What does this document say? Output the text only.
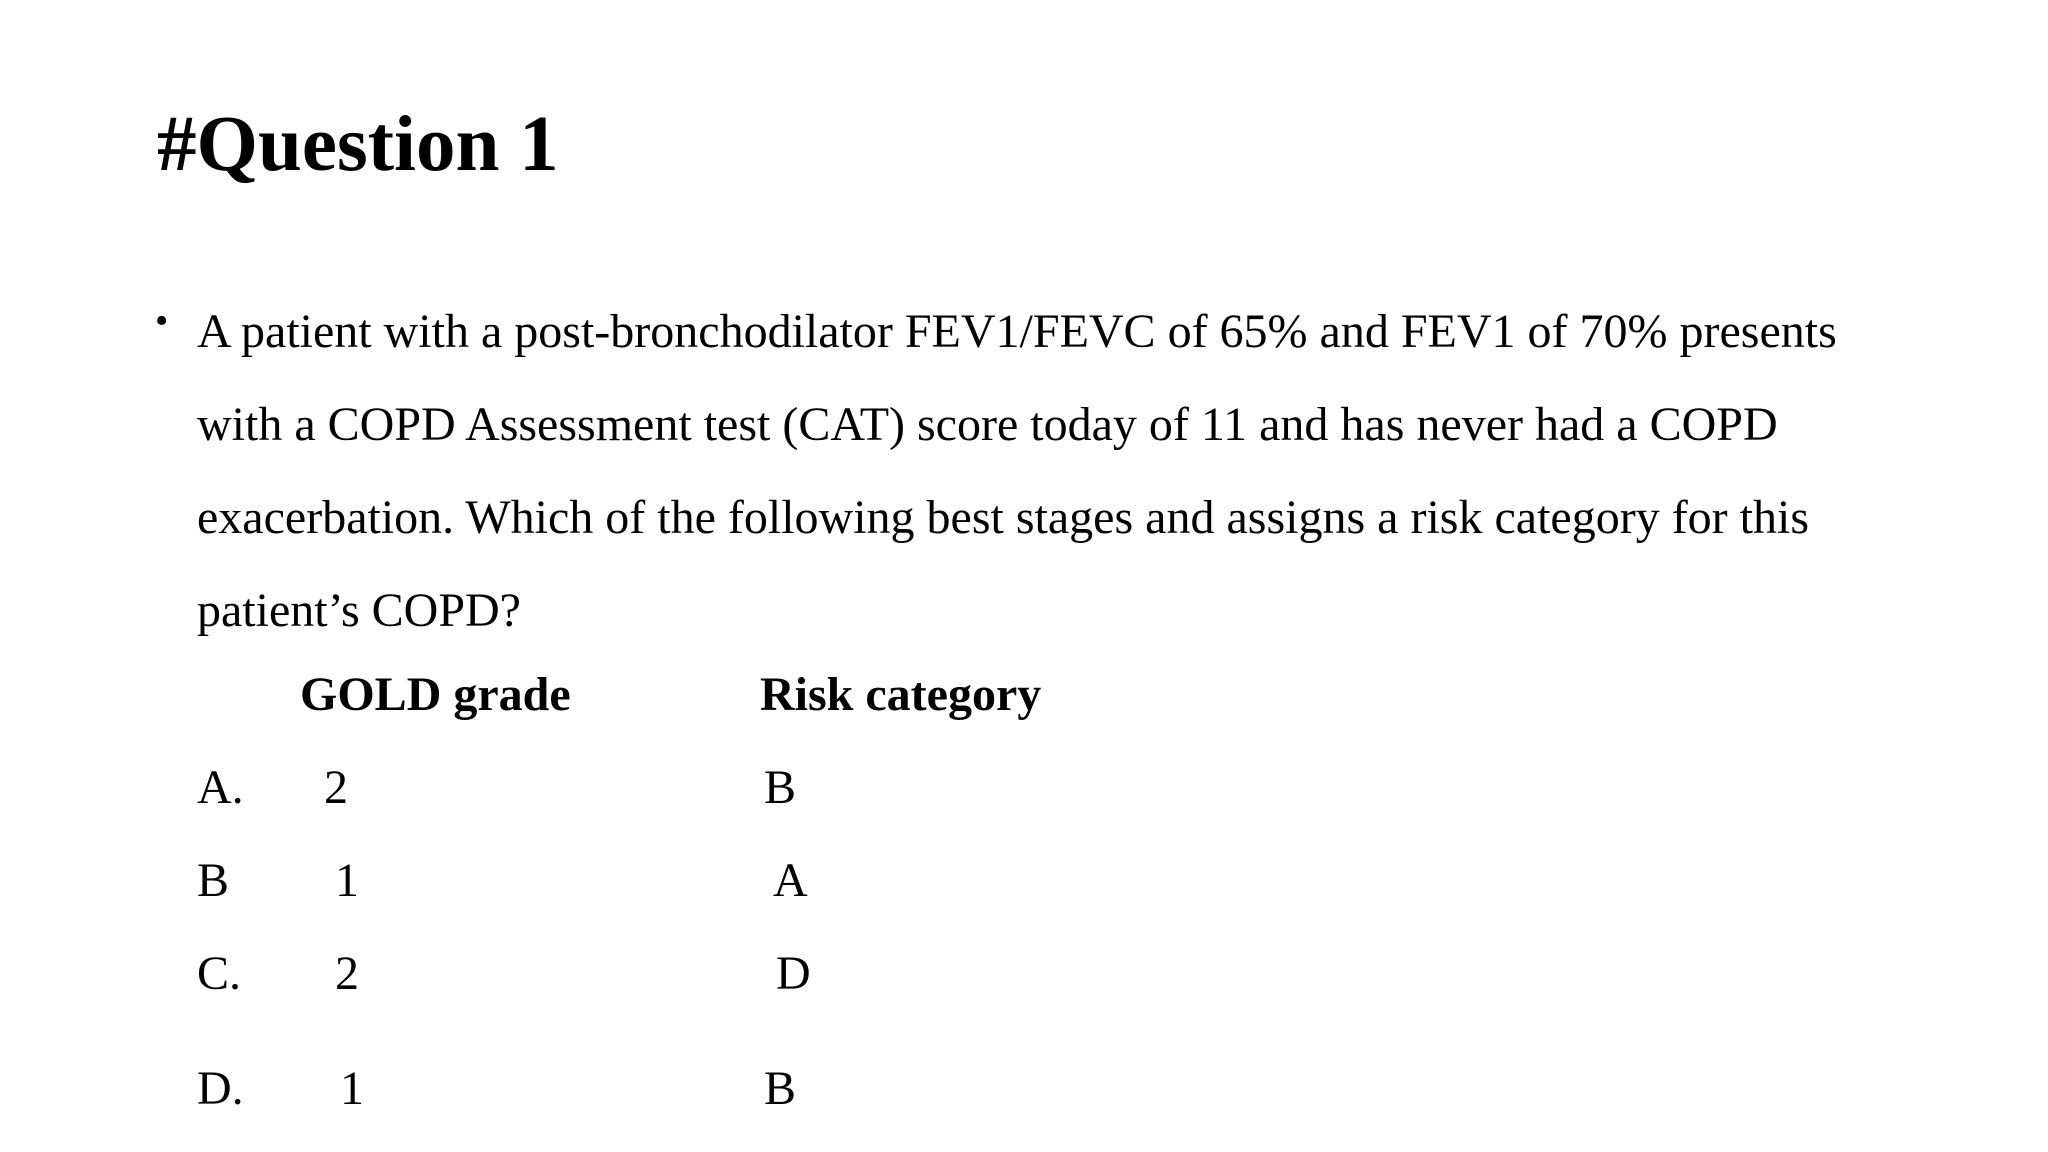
#Question 1
• A patient with a post-bronchodilator FEV1/FEVC of 65% and FEV1 of 70% presents with a COPD Assessment test (CAT) score today of 11 and has never had a COPD exacerbation. Which of the following best stages and assigns a risk category for this patient’s COPD?

GOLD grade	Risk category
A. 2	B
B 1	A
C. 2	D
D. 1	B
